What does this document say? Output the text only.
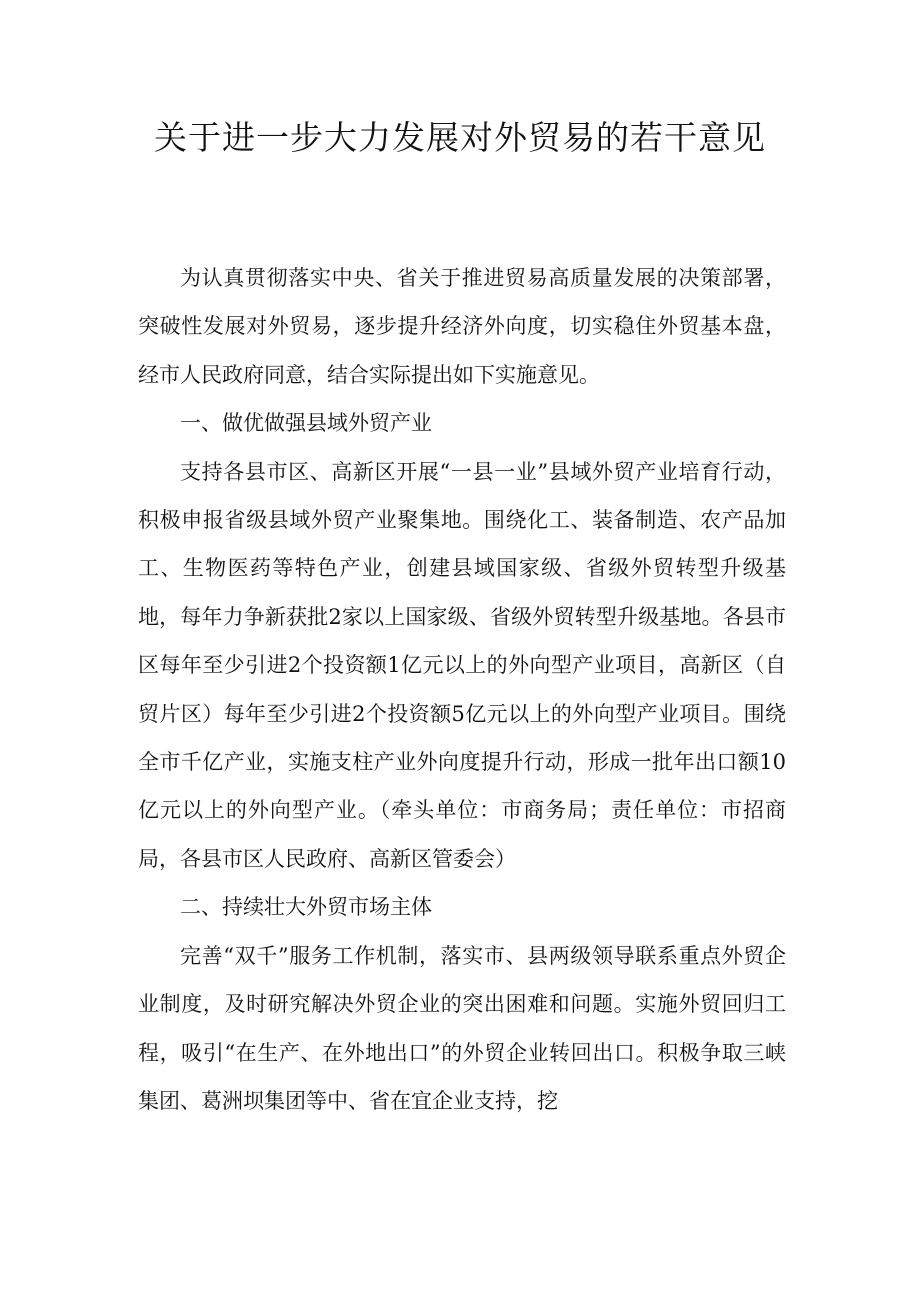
关于进一步大力发展对外贸易的若干意见

为认真贯彻落实中央、省关于推进贸易高质量发展的决策部署，突破性发展对外贸易，逐步提升经济外向度，切实稳住外贸基本盘，经市人民政府同意，结合实际提出如下实施意见。

一、做优做强县域外贸产业

支持各县市区、高新区开展“一县一业”县域外贸产业培育行动，积极申报省级县域外贸产业聚集地。围绕化工、装备制造、农产品加工、生物医药等特色产业，创建县域国家级、省级外贸转型升级基地，每年力争新获批2家以上国家级、省级外贸转型升级基地。各县市区每年至少引进2个投资额1亿元以上的外向型产业项目，高新区（自贸片区）每年至少引进2个投资额5亿元以上的外向型产业项目。围绕全市千亿产业，实施支柱产业外向度提升行动，形成一批年出口额10亿元以上的外向型产业。（牵头单位：市商务局；责任单位：市招商局，各县市区人民政府、高新区管委会）

二、持续壮大外贸市场主体

完善“双千”服务工作机制，落实市、县两级领导联系重点外贸企业制度，及时研究解决外贸企业的突出困难和问题。实施外贸回归工程，吸引“在生产、在外地出口”的外贸企业转回出口。积极争取三峡集团、葛洲坝集团等中、省在宜企业支持，挖
